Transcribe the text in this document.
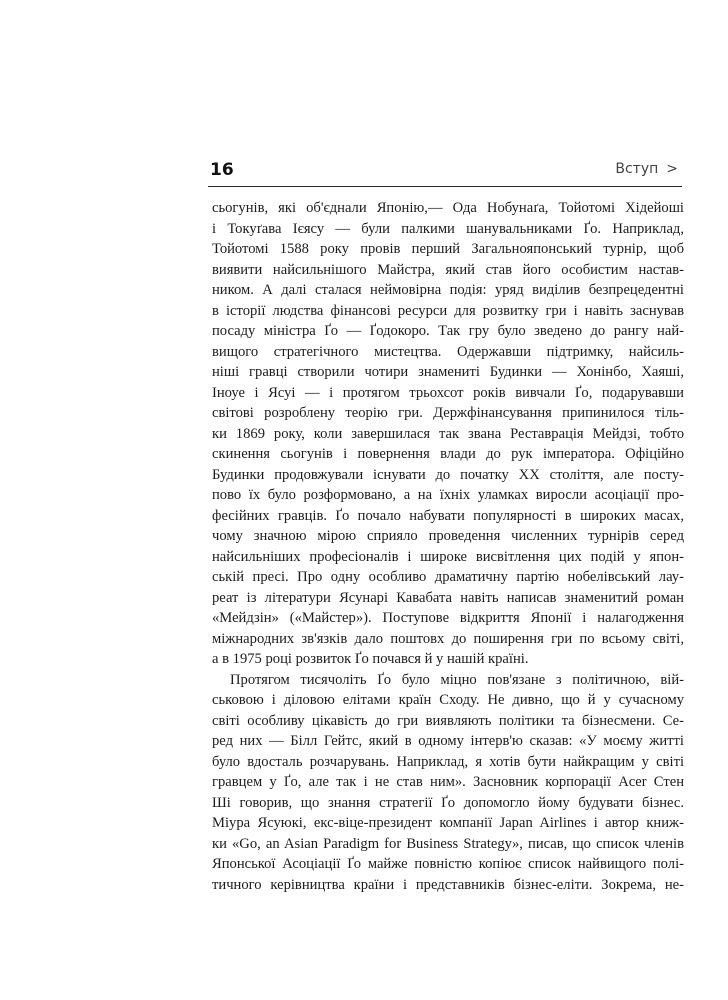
16	Вступ >
сьогунів, які об'єднали Японію,— Ода Нобунаґа, Тойотомі Хідейоші
і Токуґава Ієясу — були палкими шанувальниками Ґо. Наприклад,
Тойотомі 1588 року провів перший Загальнояпонський турнір, щоб
виявити найсильнішого Майстра, який став його особистим настав-
ником. А далі сталася неймовірна подія: уряд виділив безпрецедентні
в історії людства фінансові ресурси для розвитку гри і навіть заснував
посаду міністра Ґо — Ґодокоро. Так гру було зведено до рангу най-
вищого стратегічного мистецтва. Одержавши підтримку, найсиль-
ніші гравці створили чотири знамениті Будинки — Хонінбо, Хаяші,
Іноуе і Ясуі — і протягом трьохсот років вивчали Ґо, подарувавши
світові розроблену теорію гри. Держфінансування припинилося тіль-
ки 1869 року, коли завершилася так звана Реставрація Мейдзі, тобто
скинення сьогунів і повернення влади до рук імператора. Офіційно
Будинки продовжували існувати до початку XX століття, але посту-
пово їх було розформовано, а на їхніх уламках виросли асоціації про-
фесійних гравців. Ґо почало набувати популярності в широких масах,
чому значною мірою сприяло проведення численних турнірів серед
найсильніших професіоналів і широке висвітлення цих подій у япон-
ській пресі. Про одну особливо драматичну партію нобелівський лау-
реат із літератури Ясунарі Кавабата навіть написав знаменитий роман
«Мейдзін» («Майстер»). Поступове відкриття Японії і налагодження
міжнародних зв'язків дало поштовх до поширення гри по всьому світі,
а в 1975 році розвиток Ґо почався й у нашій країні.
Протягом тисячоліть Ґо було міцно пов'язане з політичною, вій-
ськовою і діловою елітами країн Сходу. Не дивно, що й у сучасному
світі особливу цікавість до гри виявляють політики та бізнесмени. Се-
ред них — Білл Гейтс, який в одному інтерв'ю сказав: «У моєму житті
було вдосталь розчарувань. Наприклад, я хотів бути найкращим у світі
гравцем у Ґо, але так і не став ним». Засновник корпорації Acer Стен
Ші говорив, що знання стратегії Ґо допомогло йому будувати бізнес.
Міура Ясуюкі, екс-віце-президент компанії Japan Airlines і автор книж-
ки «Go, an Asian Paradigm for Business Strategy», писав, що список членів
Японської Асоціації Ґо майже повністю копіює список найвищого полі-
тичного керівництва країни і представників бізнес-еліти. Зокрема, не-
